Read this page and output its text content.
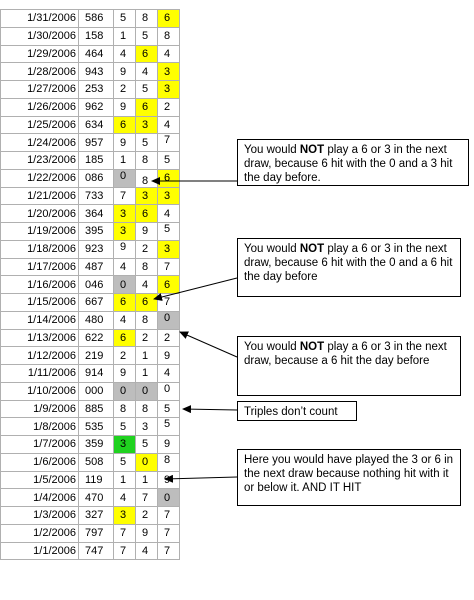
1/31/2006	586	5	8	6
1/30/2006	158	1	5	8
1/29/2006	464	4	6	4
1/28/2006	943	9	4	3
1/27/2006	253	2	5	3
1/26/2006	962	9	6	2
1/25/2006	634	6	3	4
1/24/2006	957	9	5	7
1/23/2006	185	1	8	5
1/22/2006	086	0	8	6
1/21/2006	733	7	3	3
1/20/2006	364	3	6	4
1/19/2006	395	3	9	5
1/18/2006	923	9	2	3
1/17/2006	487	4	8	7
1/16/2006	046	0	4	6
1/15/2006	667	6	6	7
1/14/2006	480	4	8	0
1/13/2006	622	6	2	2
1/12/2006	219	2	1	9
1/11/2006	914	9	1	4
1/10/2006	000	0	0	0
1/9/2006	885	8	8	5
1/8/2006	535	5	3	5
1/7/2006	359	3	5	9
1/6/2006	508	5	0	8
1/5/2006	119	1	1	9
1/4/2006	470	4	7	0
1/3/2006	327	3	2	7
1/2/2006	797	7	9	7
1/1/2006	747	7	4	7
You would NOT play a 6 or 3 in the next draw, because 6 hit with the 0 and a 3 hit the day before.
You would NOT play a 6 or 3 in the next draw, because 6 hit with the 0 and a 6 hit the day before
You would NOT play a 6 or 3 in the next draw, because a 6 hit the day before
Triples don’t count
Here you would have played the 3 or 6 in the next draw because nothing hit with it or below it. AND IT HIT
